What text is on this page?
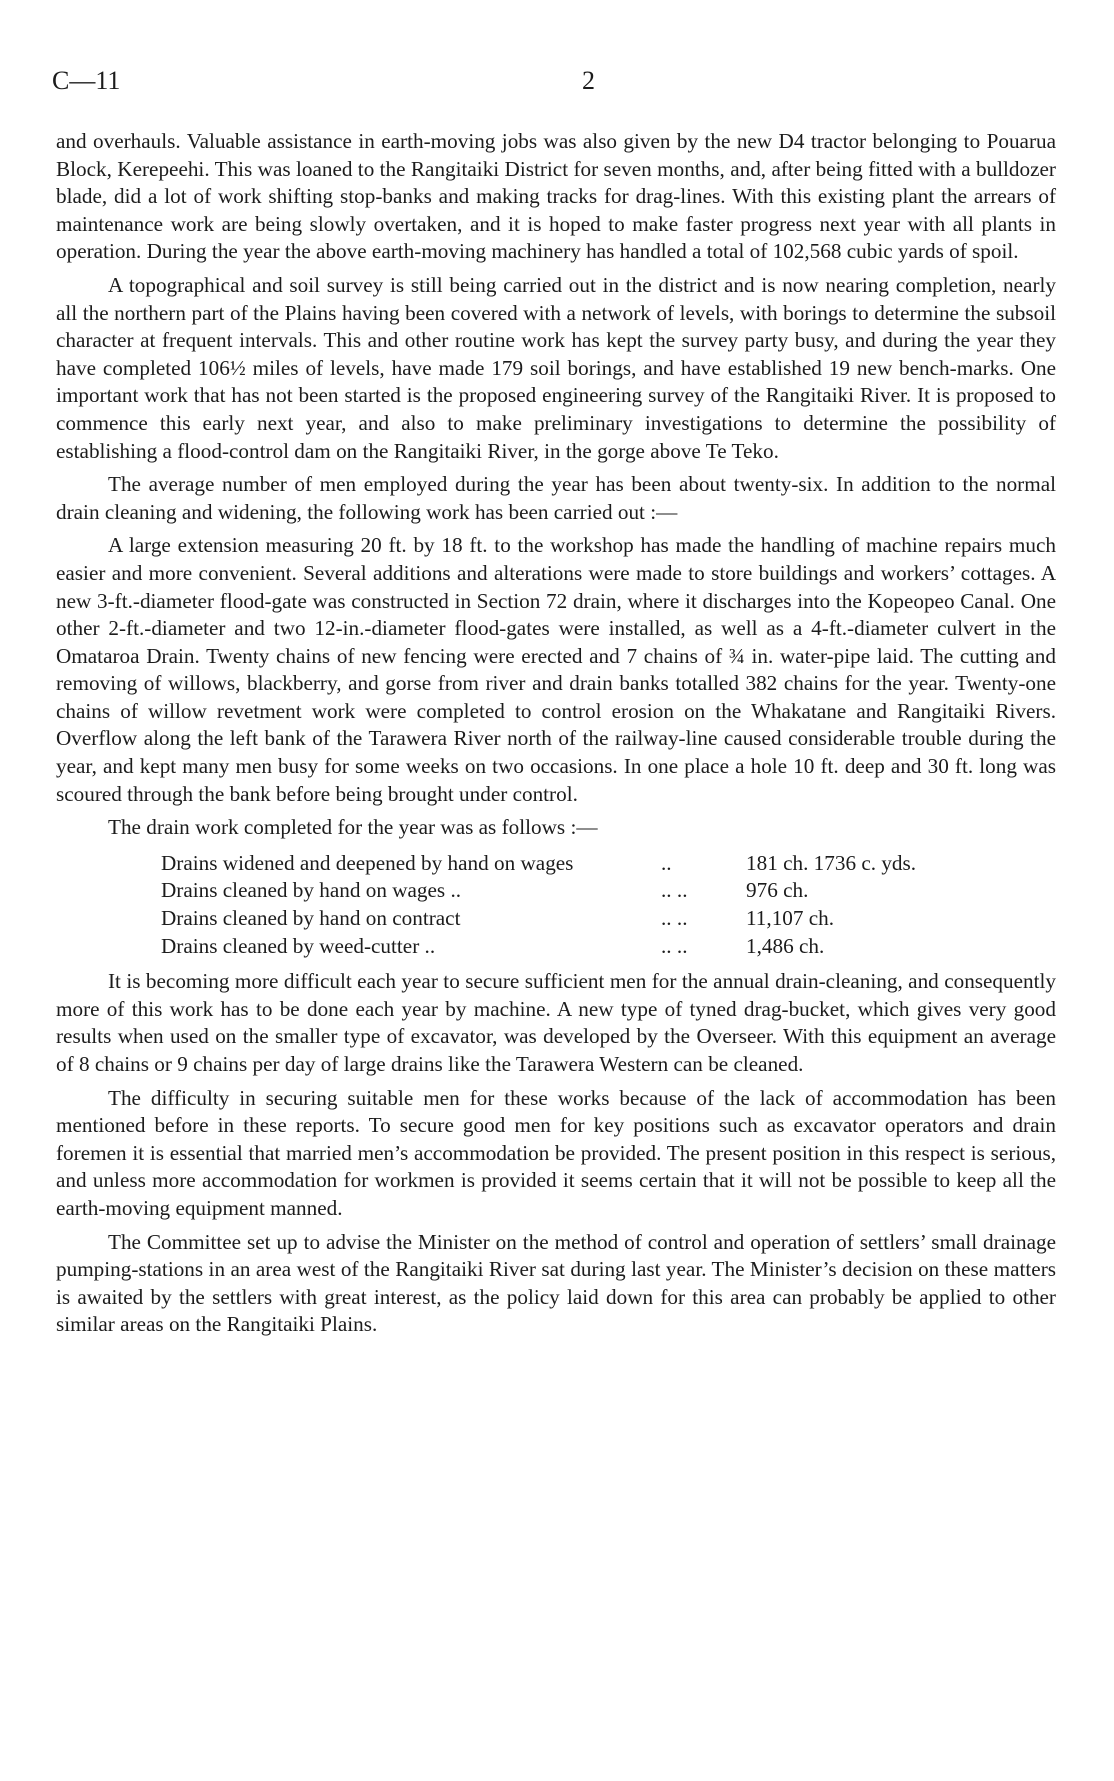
C—11	2

and overhauls. Valuable assistance in earth-moving jobs was also given by the new D4 tractor belonging to Pouarua Block, Kerepeehi. This was loaned to the Rangitaiki District for seven months, and, after being fitted with a bulldozer blade, did a lot of work shifting stop-banks and making tracks for drag-lines. With this existing plant the arrears of maintenance work are being slowly overtaken, and it is hoped to make faster progress next year with all plants in operation. During the year the above earth-moving machinery has handled a total of 102,568 cubic yards of spoil.

A topographical and soil survey is still being carried out in the district and is now nearing completion, nearly all the northern part of the Plains having been covered with a network of levels, with borings to determine the subsoil character at frequent intervals. This and other routine work has kept the survey party busy, and during the year they have completed 106½ miles of levels, have made 179 soil borings, and have established 19 new bench-marks. One important work that has not been started is the proposed engineering survey of the Rangitaiki River. It is proposed to commence this early next year, and also to make preliminary investigations to determine the possibility of establishing a flood-control dam on the Rangitaiki River, in the gorge above Te Teko.

The average number of men employed during the year has been about twenty-six. In addition to the normal drain cleaning and widening, the following work has been carried out :—

A large extension measuring 20 ft. by 18 ft. to the workshop has made the handling of machine repairs much easier and more convenient. Several additions and alterations were made to store buildings and workers’ cottages. A new 3-ft.-diameter flood-gate was constructed in Section 72 drain, where it discharges into the Kopeopeo Canal. One other 2-ft.-diameter and two 12-in.-diameter flood-gates were installed, as well as a 4-ft.-diameter culvert in the Omataroa Drain. Twenty chains of new fencing were erected and 7 chains of ¾ in. water-pipe laid. The cutting and removing of willows, blackberry, and gorse from river and drain banks totalled 382 chains for the year. Twenty-one chains of willow revetment work were completed to control erosion on the Whakatane and Rangitaiki Rivers. Overflow along the left bank of the Tarawera River north of the railway-line caused considerable trouble during the year, and kept many men busy for some weeks on two occasions. In one place a hole 10 ft. deep and 30 ft. long was scoured through the bank before being brought under control.

The drain work completed for the year was as follows :—

Drains widened and deepened by hand on wages	..	181 ch. 1736 c. yds.
Drains cleaned by hand on wages ..	.. ..	976 ch.
Drains cleaned by hand on contract	.. ..	11,107 ch.
Drains cleaned by weed-cutter ..	.. ..	1,486 ch.

It is becoming more difficult each year to secure sufficient men for the annual drain-cleaning, and consequently more of this work has to be done each year by machine. A new type of tyned drag-bucket, which gives very good results when used on the smaller type of excavator, was developed by the Overseer. With this equipment an average of 8 chains or 9 chains per day of large drains like the Tarawera Western can be cleaned.

The difficulty in securing suitable men for these works because of the lack of accommodation has been mentioned before in these reports. To secure good men for key positions such as excavator operators and drain foremen it is essential that married men’s accommodation be provided. The present position in this respect is serious, and unless more accommodation for workmen is provided it seems certain that it will not be possible to keep all the earth-moving equipment manned.

The Committee set up to advise the Minister on the method of control and operation of settlers’ small drainage pumping-stations in an area west of the Rangitaiki River sat during last year. The Minister’s decision on these matters is awaited by the settlers with great interest, as the policy laid down for this area can probably be applied to other similar areas on the Rangitaiki Plains.
